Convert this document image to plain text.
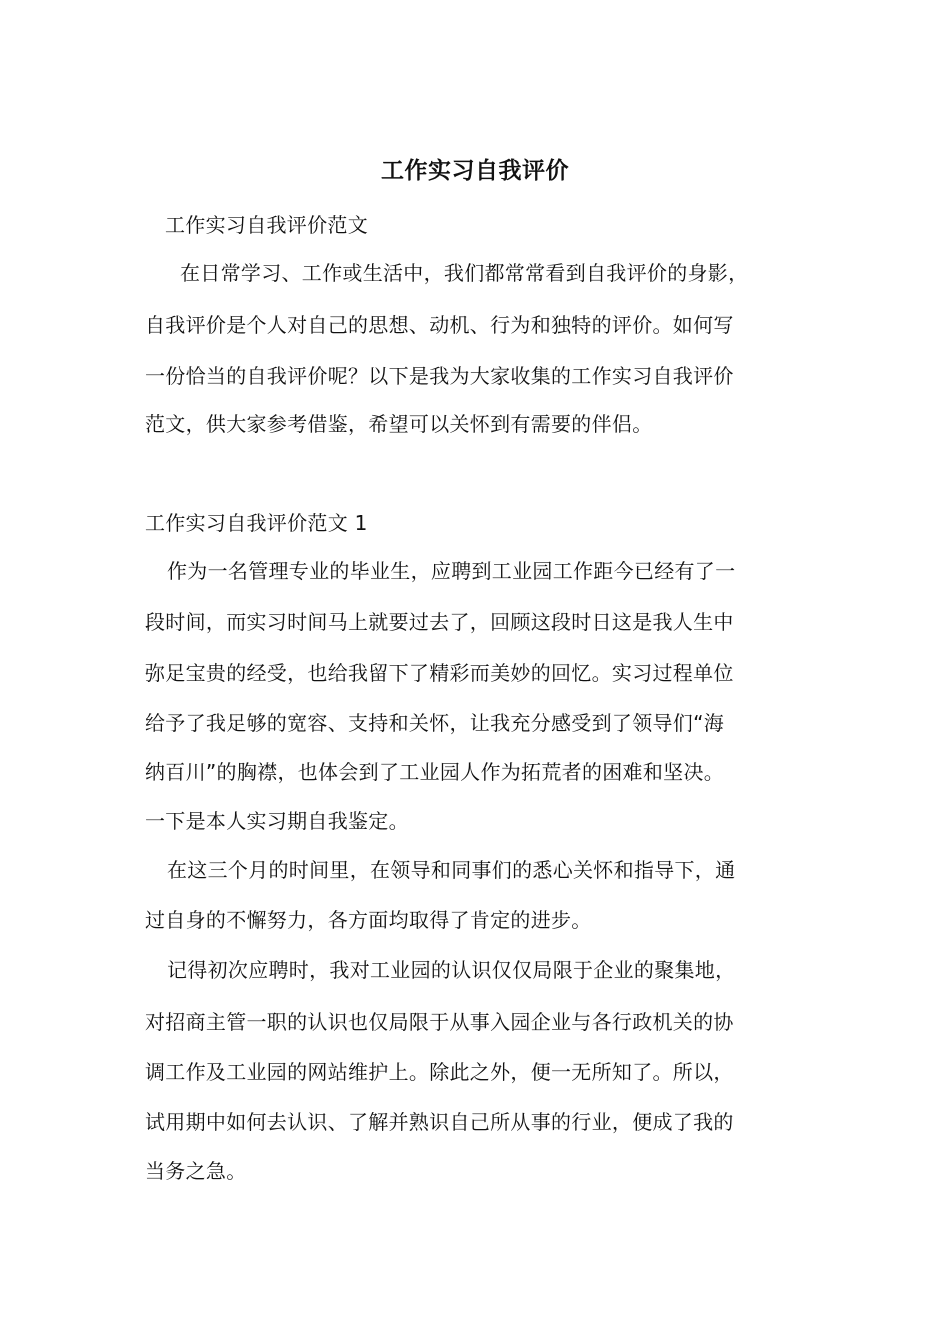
工作实习自我评价
工作实习自我评价范文
在日常学习、工作或生活中，我们都常常看到自我评价的身影，
自我评价是个人对自己的思想、动机、行为和独特的评价。如何写
一份恰当的自我评价呢？以下是我为大家收集的工作实习自我评价
范文，供大家参考借鉴，希望可以关怀到有需要的伴侣。
工作实习自我评价范文 1
作为一名管理专业的毕业生，应聘到工业园工作距今已经有了一
段时间，而实习时间马上就要过去了，回顾这段时日这是我人生中
弥足宝贵的经受，也给我留下了精彩而美妙的回忆。实习过程单位
给予了我足够的宽容、支持和关怀，让我充分感受到了领导们“海
纳百川”的胸襟，也体会到了工业园人作为拓荒者的困难和坚决。
一下是本人实习期自我鉴定。
在这三个月的时间里，在领导和同事们的悉心关怀和指导下，通
过自身的不懈努力，各方面均取得了肯定的进步。
记得初次应聘时，我对工业园的认识仅仅局限于企业的聚集地，
对招商主管一职的认识也仅局限于从事入园企业与各行政机关的协
调工作及工业园的网站维护上。除此之外，便一无所知了。所以，
试用期中如何去认识、了解并熟识自己所从事的行业，便成了我的
当务之急。
